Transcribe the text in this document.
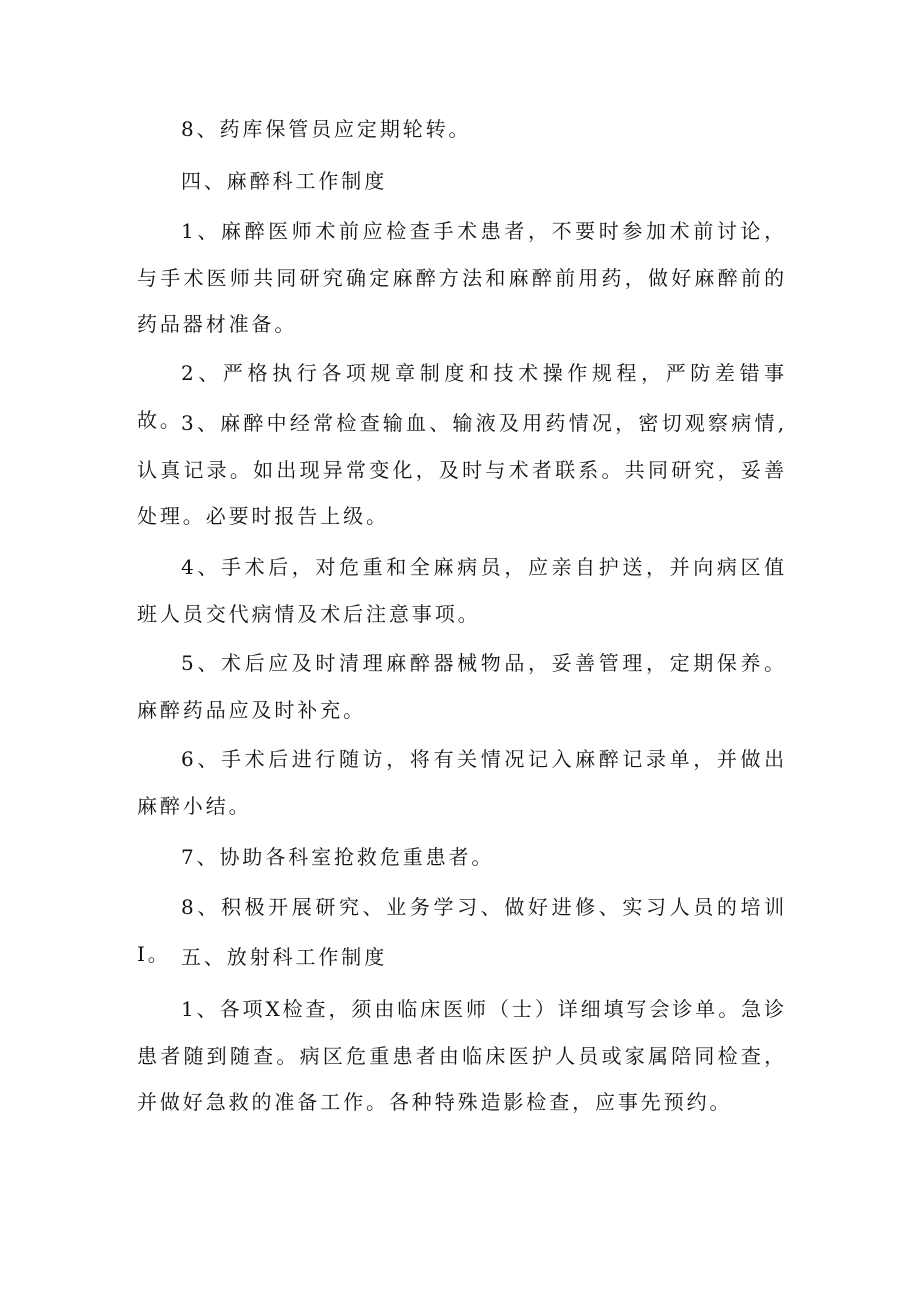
8、药库保管员应定期轮转。

四、麻醉科工作制度

1、麻醉医师术前应检查手术患者，不要时参加术前讨论，与手术医师共同研究确定麻醉方法和麻醉前用药，做好麻醉前的药品器材准备。

2、严格执行各项规章制度和技术操作规程，严防差错事故。

3、麻醉中经常检查输血、输液及用药情况，密切观察病情,认真记录。如出现异常变化，及时与术者联系。共同研究，妥善处理。必要时报告上级。

4、手术后，对危重和全麻病员，应亲自护送，并向病区值班人员交代病情及术后注意事项。

5、术后应及时清理麻醉器械物品，妥善管理，定期保养。麻醉药品应及时补充。

6、手术后进行随访，将有关情况记入麻醉记录单，并做出麻醉小结。

7、协助各科室抢救危重患者。

8、积极开展研究、业务学习、做好进修、实习人员的培训I。 五、放射科工作制度

1、各项X检查，须由临床医师（士）详细填写会诊单。急诊患者随到随查。病区危重患者由临床医护人员或家属陪同检查，并做好急救的准备工作。各种特殊造影检查，应事先预约。
